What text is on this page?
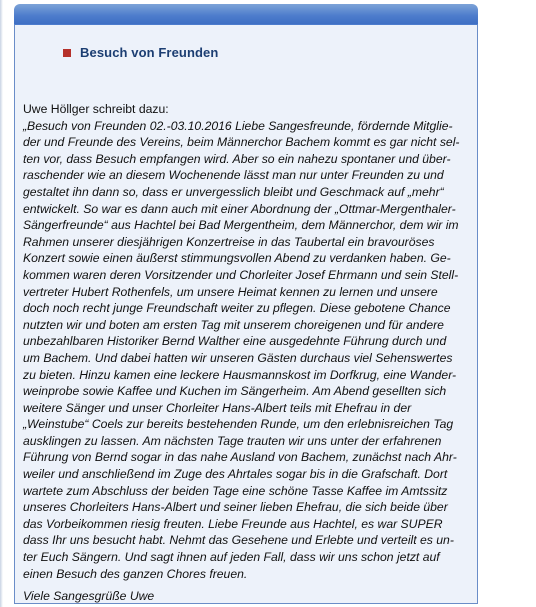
Besuch von Freunden

Uwe Höllger schreibt dazu:

„Besuch von Freunden 02.-03.10.2016 Liebe Sangesfreunde, fördernde Mitglie-
der und Freunde des Vereins, beim Männerchor Bachem kommt es gar nicht sel-
ten vor, dass Besuch empfangen wird. Aber so ein nahezu spontaner und über-
raschender wie an diesem Wochenende lässt man nur unter Freunden zu und
gestaltet ihn dann so, dass er unvergesslich bleibt und Geschmack auf „mehr“
entwickelt. So war es dann auch mit einer Abordnung der „Ottmar-Mergenthaler-
Sängerfreunde“ aus Hachtel bei Bad Mergentheim, dem Männerchor, dem wir im
Rahmen unserer diesjährigen Konzertreise in das Taubertal ein bravouröses
Konzert sowie einen äußerst stimmungsvollen Abend zu verdanken haben. Ge-
kommen waren deren Vorsitzender und Chorleiter Josef Ehrmann und sein Stell-
vertreter Hubert Rothenfels, um unsere Heimat kennen zu lernen und unsere
doch noch recht junge Freundschaft weiter zu pflegen. Diese gebotene Chance
nutzten wir und boten am ersten Tag mit unserem choreigenen und für andere
unbezahlbaren Historiker Bernd Walther eine ausgedehnte Führung durch und
um Bachem. Und dabei hatten wir unseren Gästen durchaus viel Sehenswertes
zu bieten. Hinzu kamen eine leckere Hausmannskost im Dorfkrug, eine Wander-
weinprobe sowie Kaffee und Kuchen im Sängerheim. Am Abend gesellten sich
weitere Sänger und unser Chorleiter Hans-Albert teils mit Ehefrau in der
„Weinstube“ Coels zur bereits bestehenden Runde, um den erlebnisreichen Tag
ausklingen zu lassen. Am nächsten Tage trauten wir uns unter der erfahrenen
Führung von Bernd sogar in das nahe Ausland von Bachem, zunächst nach Ahr-
weiler und anschließend im Zuge des Ahrtales sogar bis in die Grafschaft. Dort
wartete zum Abschluss der beiden Tage eine schöne Tasse Kaffee im Amtssitz
unseres Chorleiters Hans-Albert und seiner lieben Ehefrau, die sich beide über
das Vorbeikommen riesig freuten. Liebe Freunde aus Hachtel, es war SUPER
dass Ihr uns besucht habt. Nehmt das Gesehene und Erlebte und verteilt es un-
ter Euch Sängern. Und sagt ihnen auf jeden Fall, dass wir uns schon jetzt auf
einen Besuch des ganzen Chores freuen.

Viele Sangesgrüße Uwe
